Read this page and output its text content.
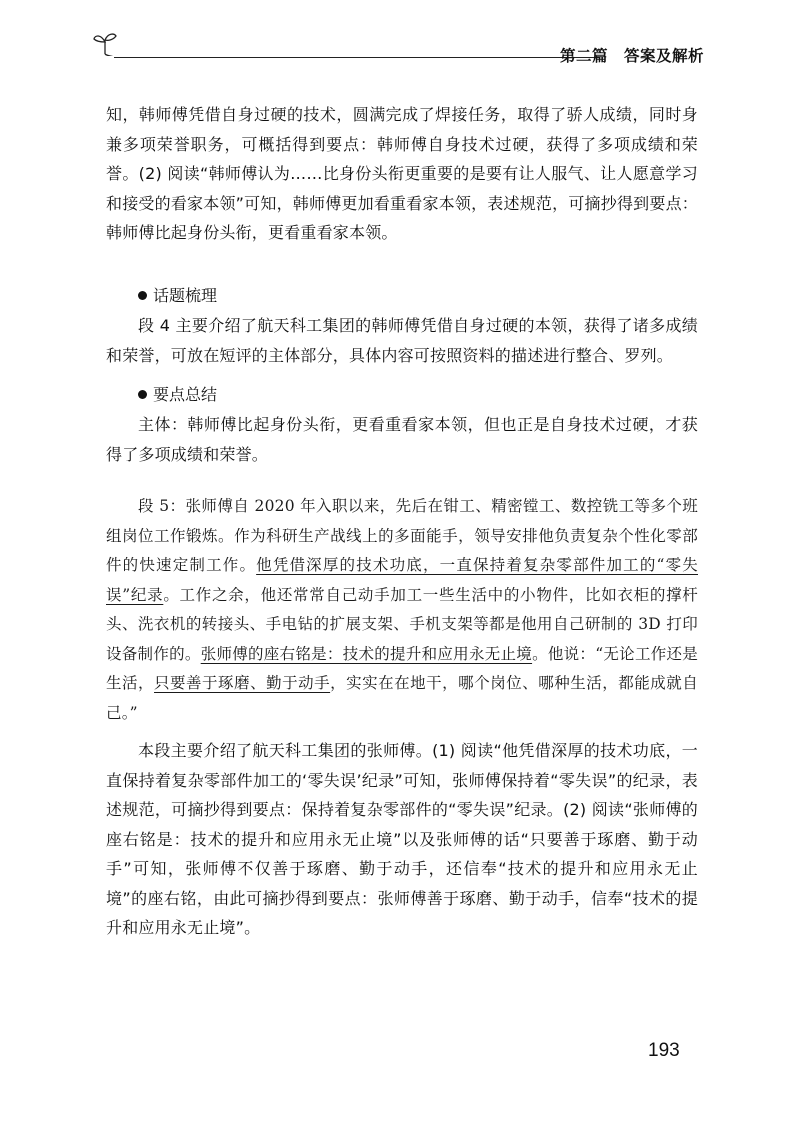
第二篇　答案及解析

知，韩师傅凭借自身过硬的技术，圆满完成了焊接任务，取得了骄人成绩，同时身兼多项荣誉职务，可概括得到要点：韩师傅自身技术过硬，获得了多项成绩和荣誉。(2) 阅读“韩师傅认为……比身份头衔更重要的是要有让人服气、让人愿意学习和接受的看家本领”可知，韩师傅更加看重看家本领，表述规范，可摘抄得到要点：韩师傅比起身份头衔，更看重看家本领。

话题梳理

段 4 主要介绍了航天科工集团的韩师傅凭借自身过硬的本领，获得了诸多成绩和荣誉，可放在短评的主体部分，具体内容可按照资料的描述进行整合、罗列。

要点总结

主体：韩师傅比起身份头衔，更看重看家本领，但也正是自身技术过硬，才获得了多项成绩和荣誉。

段 5：张师傅自 2020 年入职以来，先后在钳工、精密镗工、数控铣工等多个班组岗位工作锻炼。作为科研生产战线上的多面能手，领导安排他负责复杂个性化零部件的快速定制工作。他凭借深厚的技术功底，一直保持着复杂零部件加工的“零失误”纪录。工作之余，他还常常自己动手加工一些生活中的小物件，比如衣柜的撑杆头、洗衣机的转接头、手电钻的扩展支架、手机支架等都是他用自己研制的 3D 打印设备制作的。张师傅的座右铭是：技术的提升和应用永无止境。他说：“无论工作还是生活，只要善于琢磨、勤于动手，实实在在地干，哪个岗位、哪种生活，都能成就自己。”

本段主要介绍了航天科工集团的张师傅。(1) 阅读“他凭借深厚的技术功底，一直保持着复杂零部件加工的‘零失误’纪录”可知，张师傅保持着“零失误”的纪录，表述规范，可摘抄得到要点：保持着复杂零部件的“零失误”纪录。(2) 阅读“张师傅的座右铭是：技术的提升和应用永无止境”以及张师傅的话“只要善于琢磨、勤于动手”可知，张师傅不仅善于琢磨、勤于动手，还信奉“技术的提升和应用永无止境”的座右铭，由此可摘抄得到要点：张师傅善于琢磨、勤于动手，信奉“技术的提升和应用永无止境”。

193
